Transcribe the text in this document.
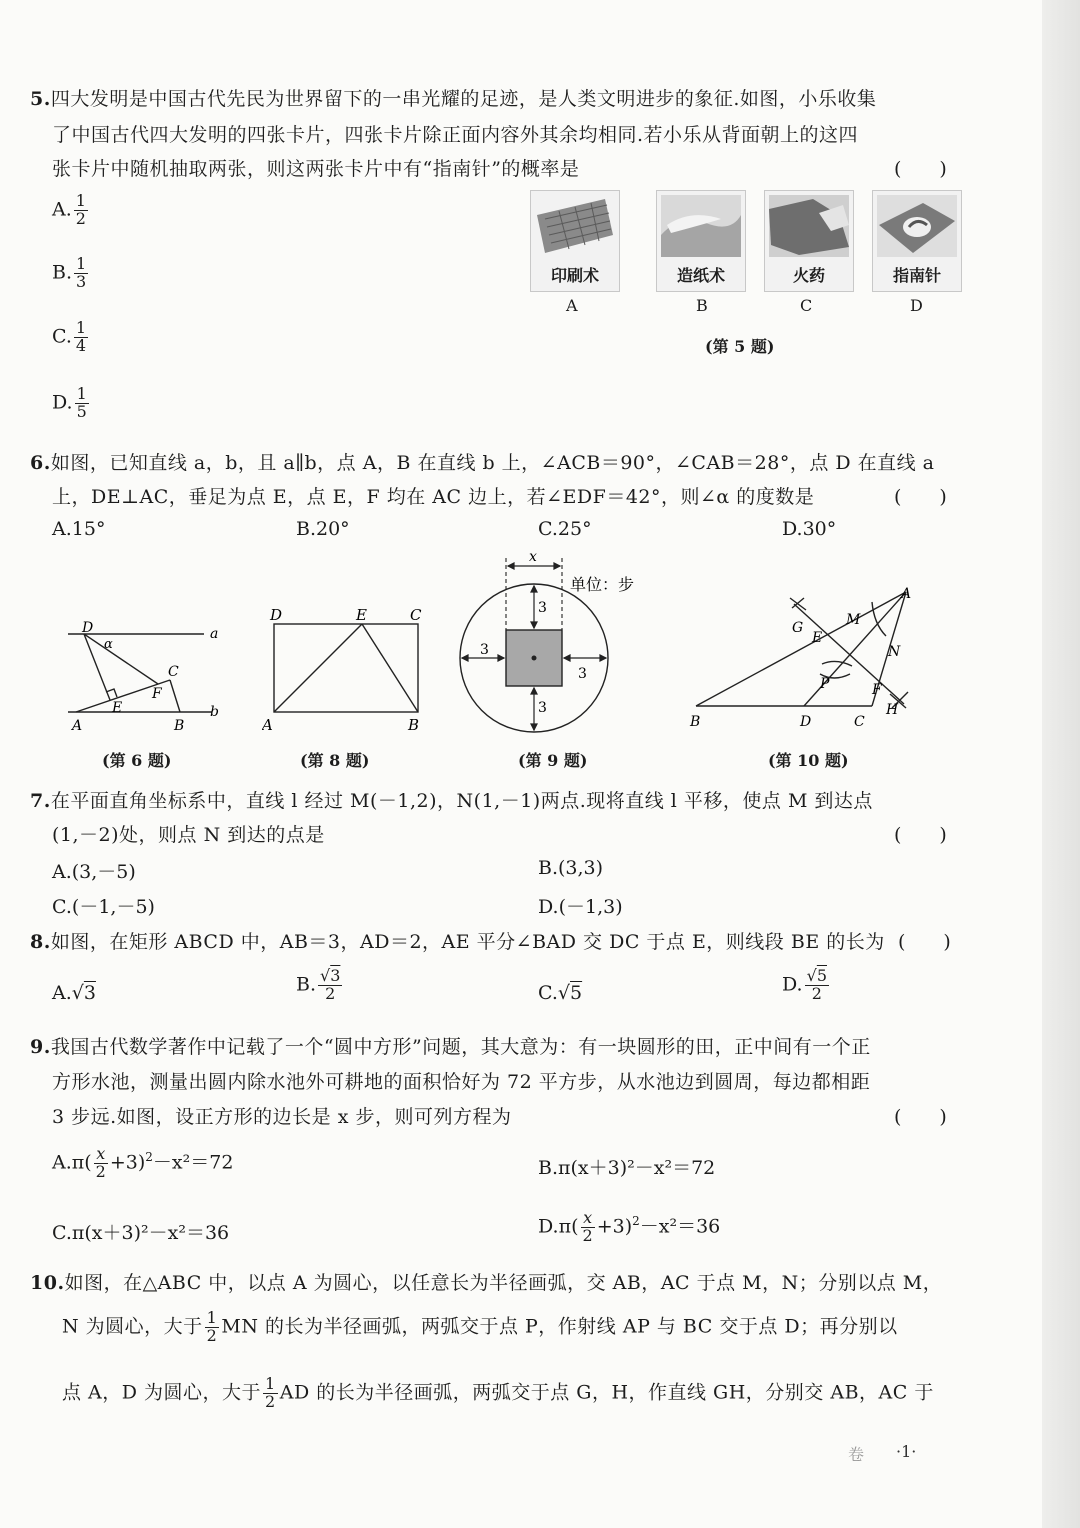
5.四大发明是中国古代先民为世界留下的一串光耀的足迹，是人类文明进步的象征.如图，小乐收集
了中国古代四大发明的四张卡片，四张卡片除正面内容外其余均相同.若小乐从背面朝上的这四
张卡片中随机抽取两张，则这两张卡片中有“指南针”的概率是	(　　)
A. $\frac{1}{2}$
B. $\frac{1}{3}$
C. $\frac{1}{4}$
D. $\frac{1}{5}$
印刷术
A
造纸术
B
火药
C
指南针
D
(第 5 题)
6.如图，已知直线 a，b，且 a∥b，点 A，B 在直线 b 上，∠ACB＝90°，∠CAB＝28°，点 D 在直线 a
上，DE⊥AC，垂足为点 E，点 E，F 均在 AC 边上，若∠EDF＝42°，则∠α 的度数是	(　　)
A.15°	B.20°	C.25°	D.30°
D
α
a
C
F
E
A	B
b
(第 6 题)
D	E	C
A	B
(第 8 题)
x
3
3
3
3
单位：步
(第 9 题)
A
G	M
E
N
P	F
H
B	D	C
(第 10 题)
7.在平面直角坐标系中，直线 l 经过 M(－1,2)，N(1,－1)两点.现将直线 l 平移，使点 M 到达点
(1,－2)处，则点 N 到达的点是	(　　)
A.(3,－5)	B.(3,3)
C.(－1,－5)	D.(－1,3)
8.如图，在矩形 ABCD 中，AB＝3，AD＝2，AE 平分∠BAD 交 DC 于点 E，则线段 BE 的长为 (　　)
A.√3	B. $\frac{√3}{2}$	C.√5	D. $\frac{√5}{2}$
9.我国古代数学著作中记载了一个“圆中方形”问题，其大意为：有一块圆形的田，正中间有一个正
方形水池，测量出圆内除水池外可耕地的面积恰好为 72 平方步，从水池边到圆周，每边都相距
3 步远.如图，设正方形的边长是 x 步，则可列方程为	(　　)
$A.\pi( \frac{x}{2} +3)^2-x^2=72$	B.π(x＋3)²－x²＝72
C.π(x＋3)²－x²＝36	$D.\pi( \frac{x}{2} +3)^2-x^2=36$
10.如图，在△ABC 中，以点 A 为圆心，以任意长为半径画弧，交 AB，AC 于点 M，N；分别以点 M，
N 为圆心，大于 $\frac{1}{2}$ MN 的长为半径画弧，两弧交于点 P，作射线 AP 与 BC 交于点 D；再分别以
点 A，D 为圆心，大于 $\frac{1}{2}$ AD 的长为半径画弧，两弧交于点 G，H，作直线 GH，分别交 AB，AC 于
卷 ·1·
